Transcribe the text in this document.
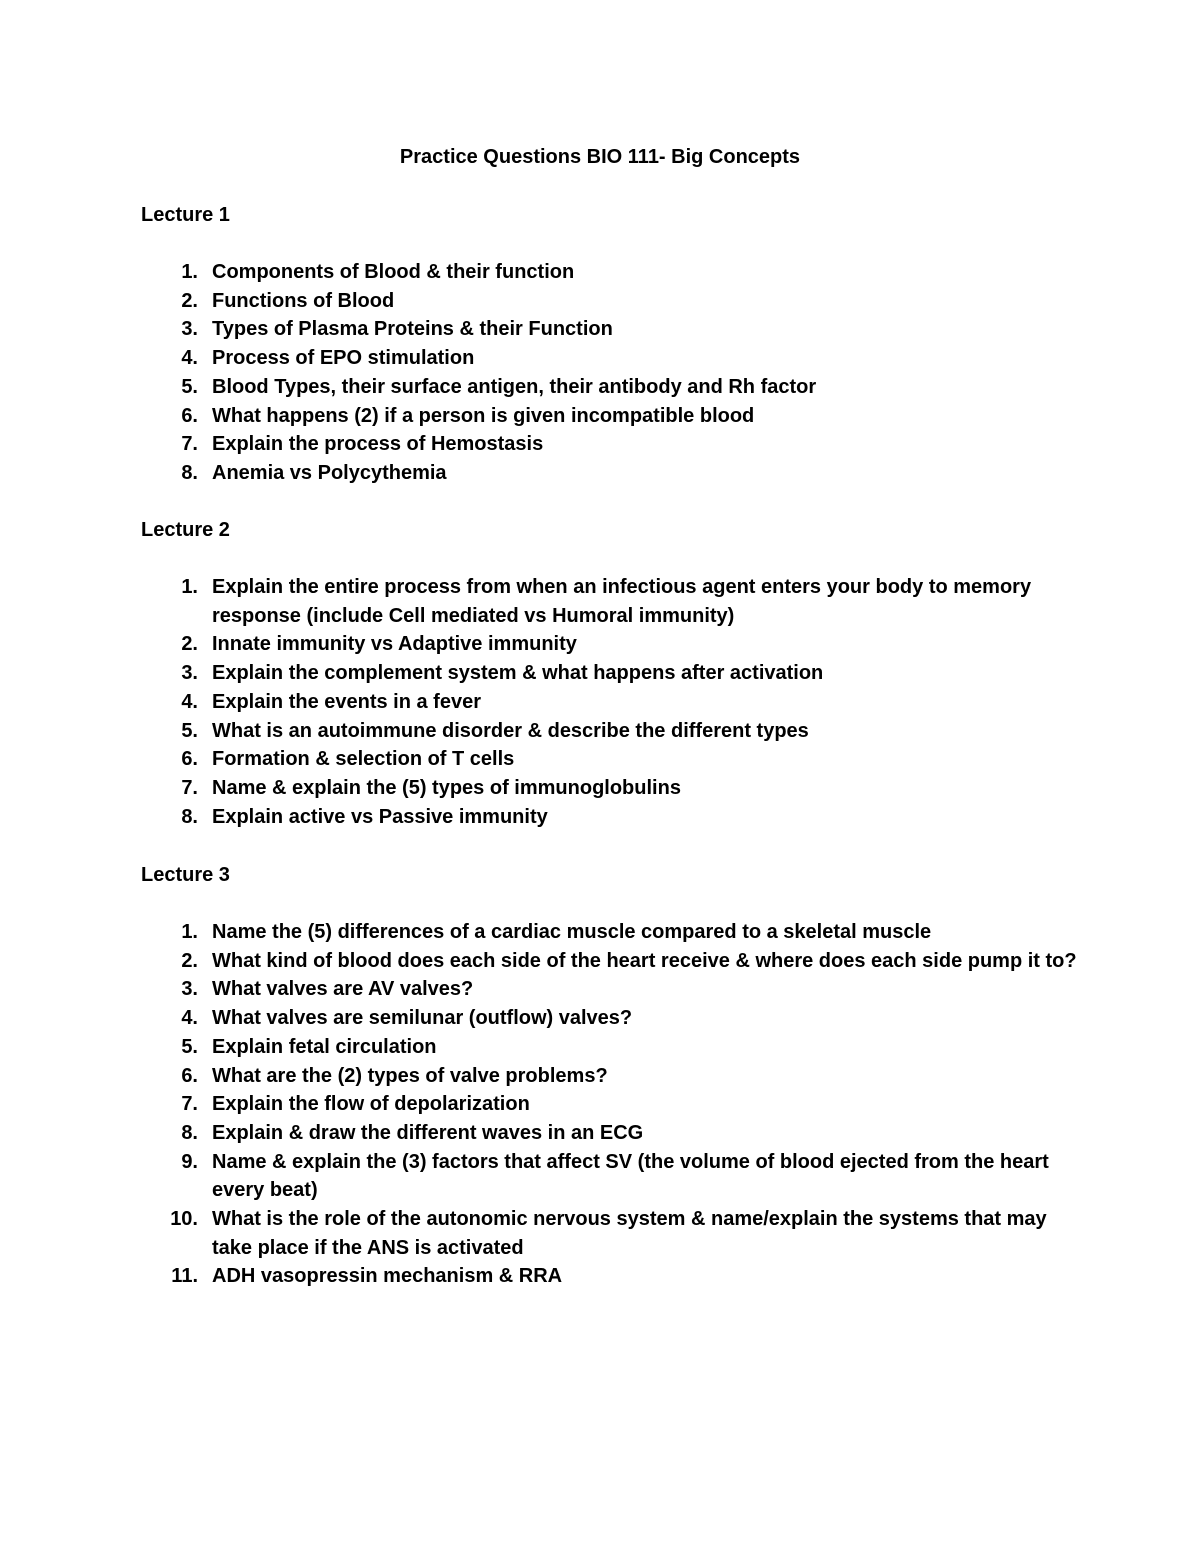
Practice Questions BIO 111- Big Concepts
Lecture 1
1. Components of Blood & their function
2. Functions of Blood
3. Types of Plasma Proteins & their Function
4. Process of EPO stimulation
5. Blood Types, their surface antigen, their antibody and Rh factor
6. What happens (2) if a person is given incompatible blood
7. Explain the process of Hemostasis
8. Anemia vs Polycythemia
Lecture 2
1. Explain the entire process from when an infectious agent enters your body to memory response (include Cell mediated vs Humoral immunity)
2. Innate immunity vs Adaptive immunity
3. Explain the complement system & what happens after activation
4. Explain the events in a fever
5. What is an autoimmune disorder & describe the different types
6. Formation & selection of T cells
7. Name & explain the (5) types of immunoglobulins
8. Explain active vs Passive immunity
Lecture 3
1. Name the (5) differences of a cardiac muscle compared to a skeletal muscle
2. What kind of blood does each side of the heart receive & where does each side pump it to?
3. What valves are AV valves?
4. What valves are semilunar (outflow) valves?
5. Explain fetal circulation
6. What are the (2) types of valve problems?
7. Explain the flow of depolarization
8. Explain & draw the different waves in an ECG
9. Name & explain the (3) factors that affect SV (the volume of blood ejected from the heart every beat)
10. What is the role of the autonomic nervous system & name/explain the systems that may take place if the ANS is activated
11. ADH vasopressin mechanism & RRA
